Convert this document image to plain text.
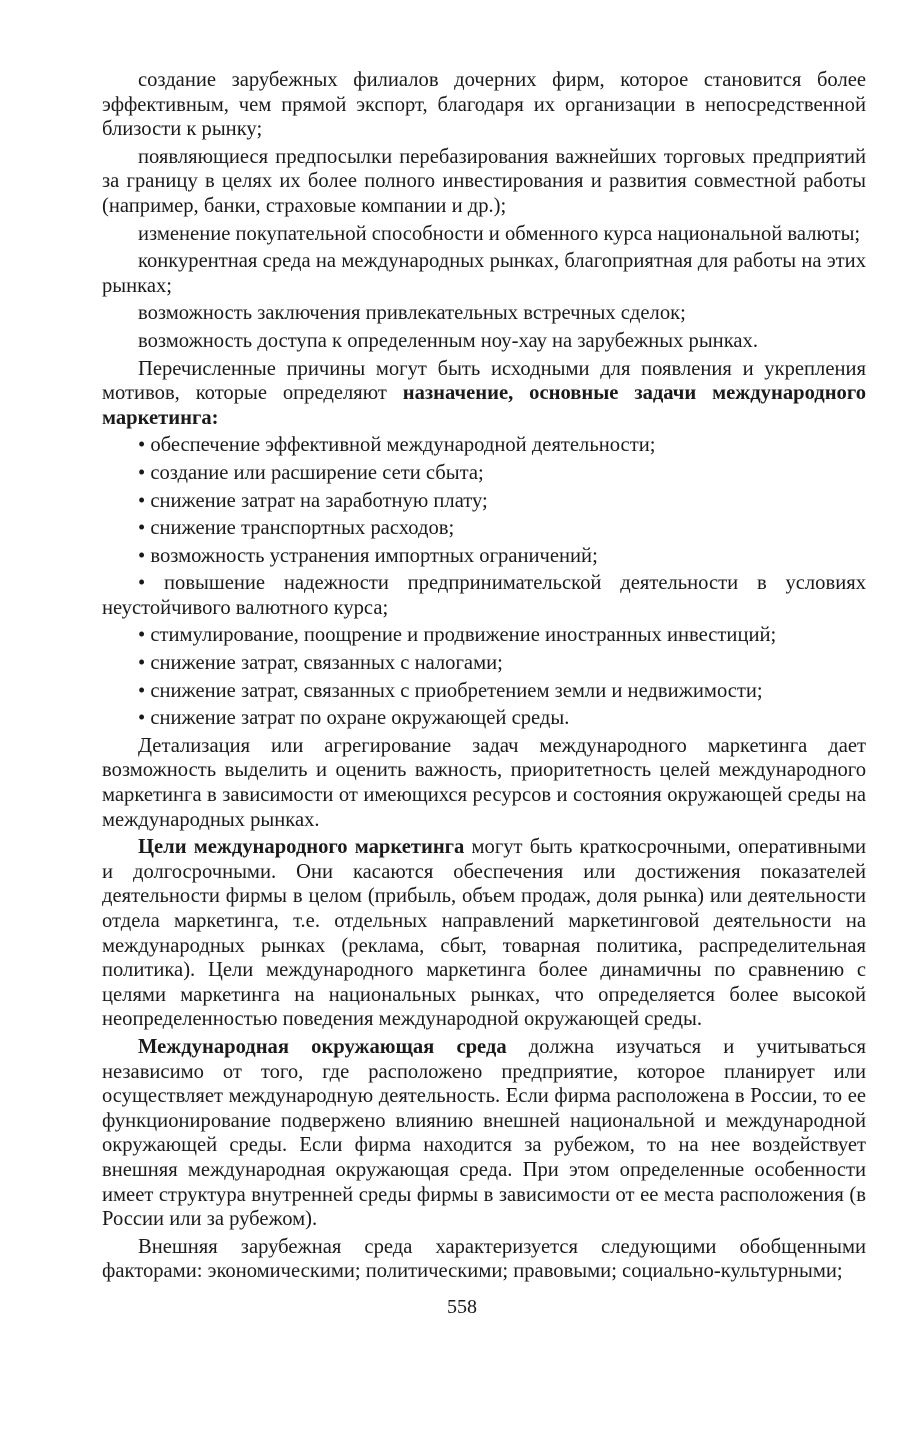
создание зарубежных филиалов дочерних фирм, которое становится более эффективным, чем прямой экспорт, благодаря их организации в непосредственной близости к рынку;

появляющиеся предпосылки перебазирования важнейших торговых предприятий за границу в целях их более полного инвестирования и развития совместной работы (например, банки, страховые компании и др.);

изменение покупательной способности и обменного курса национальной валюты;

конкурентная среда на международных рынках, благоприятная для работы на этих рынках;

возможность заключения привлекательных встречных сделок;

возможность доступа к определенным ноу-хау на зарубежных рынках.

Перечисленные причины могут быть исходными для появления и укрепления мотивов, которые определяют назначение, основные задачи международного маркетинга:

• обеспечение эффективной международной деятельности;

• создание или расширение сети сбыта;

• снижение затрат на заработную плату;

• снижение транспортных расходов;

• возможность устранения импортных ограничений;

• повышение надежности предпринимательской деятельности в условиях неустойчивого валютного курса;

• стимулирование, поощрение и продвижение иностранных инвестиций;

• снижение затрат, связанных с налогами;

• снижение затрат, связанных с приобретением земли и недвижимости;

• снижение затрат по охране окружающей среды.

Детализация или агрегирование задач международного маркетинга дает возможность выделить и оценить важность, приоритетность целей международного маркетинга в зависимости от имеющихся ресурсов и состояния окружающей среды на международных рынках.

Цели международного маркетинга могут быть краткосрочными, оперативными и долгосрочными. Они касаются обеспечения или достижения показателей деятельности фирмы в целом (прибыль, объем продаж, доля рынка) или деятельности отдела маркетинга, т.е. отдельных направлений маркетинговой деятельности на международных рынках (реклама, сбыт, товарная политика, распределительная политика). Цели международного маркетинга более динамичны по сравнению с целями маркетинга на национальных рынках, что определяется более высокой неопределенностью поведения международной окружающей среды.

Международная окружающая среда должна изучаться и учитываться независимо от того, где расположено предприятие, которое планирует или осуществляет международную деятельность. Если фирма расположена в России, то ее функционирование подвержено влиянию внешней национальной и международной окружающей среды. Если фирма находится за рубежом, то на нее воздействует внешняя международная окружающая среда. При этом определенные особенности имеет структура внутренней среды фирмы в зависимости от ее места расположения (в России или за рубежом).

Внешняя зарубежная среда характеризуется следующими обобщенными факторами: экономическими; политическими; правовыми; социально-культурными;

558
